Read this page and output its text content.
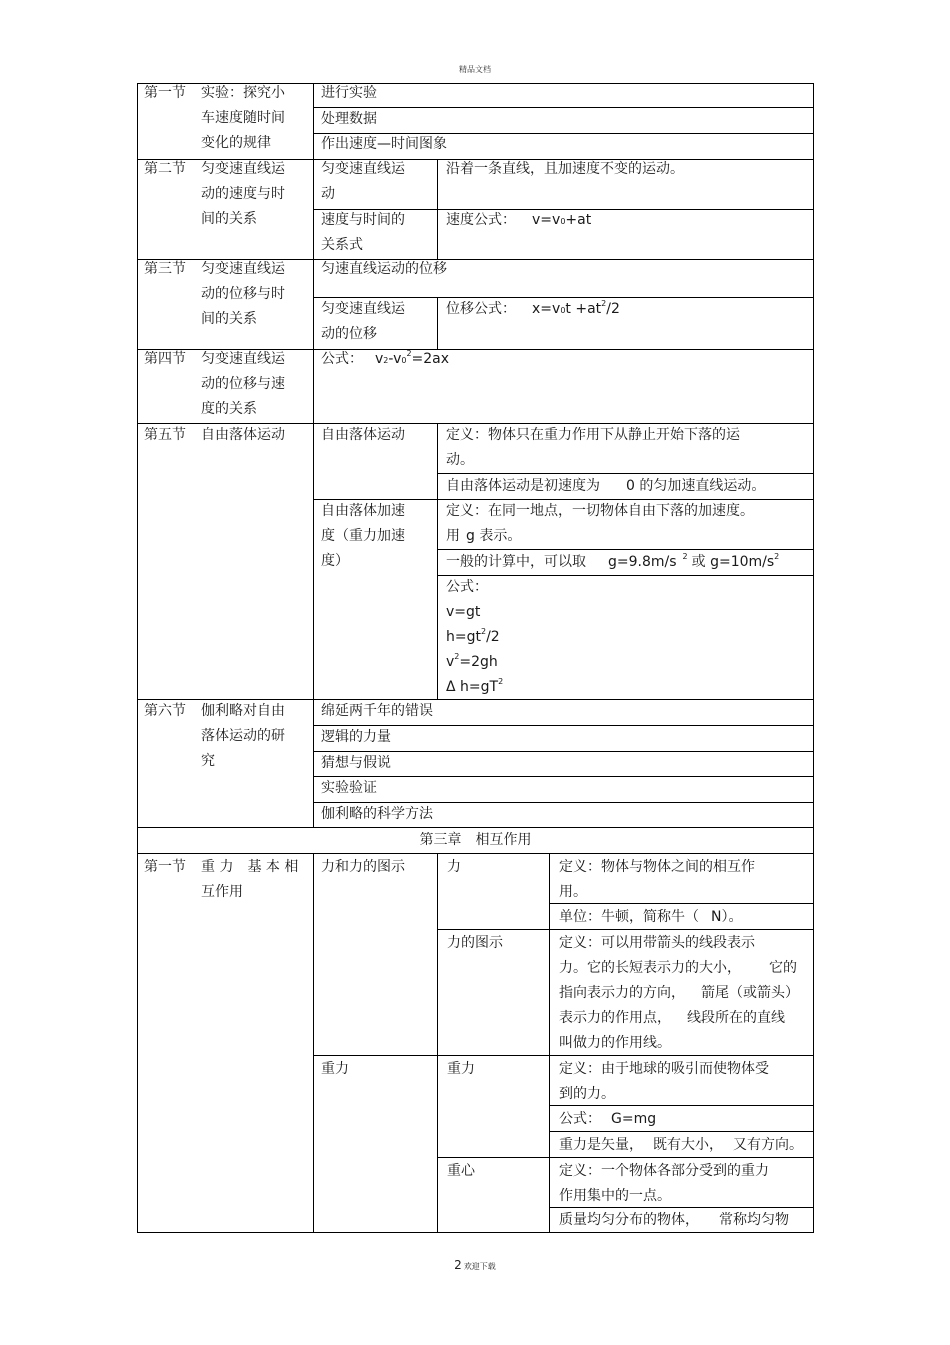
精品文档
第一节 实验：探究小
车速度随时间
变化的规律
进行实验
处理数据
作出速度—时间图象
第二节 匀变速直线运
动的速度与时
间的关系
匀变速直线运
动
沿着一条直线，且加速度不变的运动。
速度与时间的
关系式
速度公式： v=v0+at
第三节 匀变速直线运
动的位移与时
间的关系
匀速直线运动的位移
匀变速直线运
动的位移
位移公式： $x=v0t +at^2/2$
第四节 匀变速直线运
动的位移与速
度的关系
公式： $v2-v0^2=2ax$
第五节 自由落体运动	自由落体运动	定义：物体只在重力作用下从静止开始下落的运
动。
自由落体运动是初速度为 0 的匀加速直线运动。
自由落体加速
度（重力加速
度）
定义：在同一地点，一切物体自由下落的加速度。
用 g 表示。
一般的计算中，可以取 g=9.8m/s $^2$ 或 $g=10m/s^2$
公式：
v=gt
$h=gt^2/2$
$v^2=2gh$
Δ $h=gT^2$
第六节 伽利略对自由
落体运动的研
究
绵延两千年的错误
逻辑的力量
猜想与假说
实验验证
伽利略的科学方法
第三章　相互作用
第一节 重 力　基 本 相
互作用
力和力的图示
重力
力
力的图示
重力
重心
定义：物体与物体之间的相互作
用。
单位：牛顿，简称牛（ N）。
定义：可以用带箭头的线段表示
力。它的长短表示力的大小， 它的
指向表示力的方向， 箭尾（或箭头）
表示力的作用点， 线段所在的直线
叫做力的作用线。
定义：由于地球的吸引而使物体受
到的力。
公式： G=mg
重力是矢量， 既有大小， 又有方向。
定义：一个物体各部分受到的重力
作用集中的一点。
质量均匀分布的物体， 常称均匀物
2 欢迎下载
